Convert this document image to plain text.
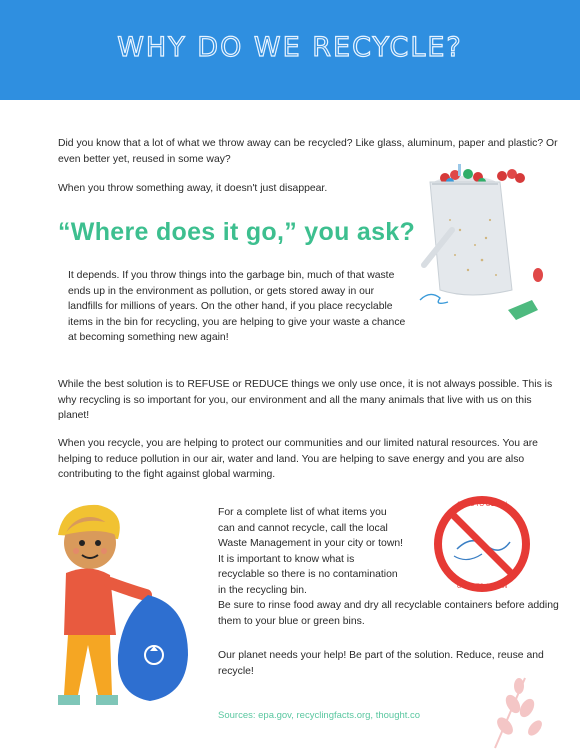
WHY DO WE RECYCLE?

Did you know that a lot of what we throw away can be recycled? Like glass, aluminum, paper and plastic? Or even better yet, reused in some way?

When you throw something away, it doesn't just disappear.

“Where does it go,” you ask?

It depends. If you throw things into the garbage bin, much of that waste ends up in the environment as pollution, or gets stored away in our landfills for millions of years. On the other hand, if you place recyclable items in the bin for recycling, you are helping to give your waste a chance at becoming something new again!

While the best solution is to REFUSE or REDUCE things we only use once, it is not always possible. This is why recycling is so important for you, our environment and all the many animals that live with us on this planet!

When you recycle, you are helping to protect our communities and our limited natural resources. You are helping to reduce pollution in our air, water and land. You are helping to save energy and you are also contributing to the fight against global warming.

For a complete list of what items you can and cannot recycle, call the local Waste Management in your city or town! It is important to know what is recyclable so there is no contamination in the recycling bin.

Be sure to rinse food away and dry all recyclable containers before adding them to your blue or green bins.

Our planet needs your help! Be part of the solution. Reduce, reuse and recycle!

Sources: epa.gov, recyclingfacts.org, thought.co

GOES TO OCEAN
GOES TO OCEAN
